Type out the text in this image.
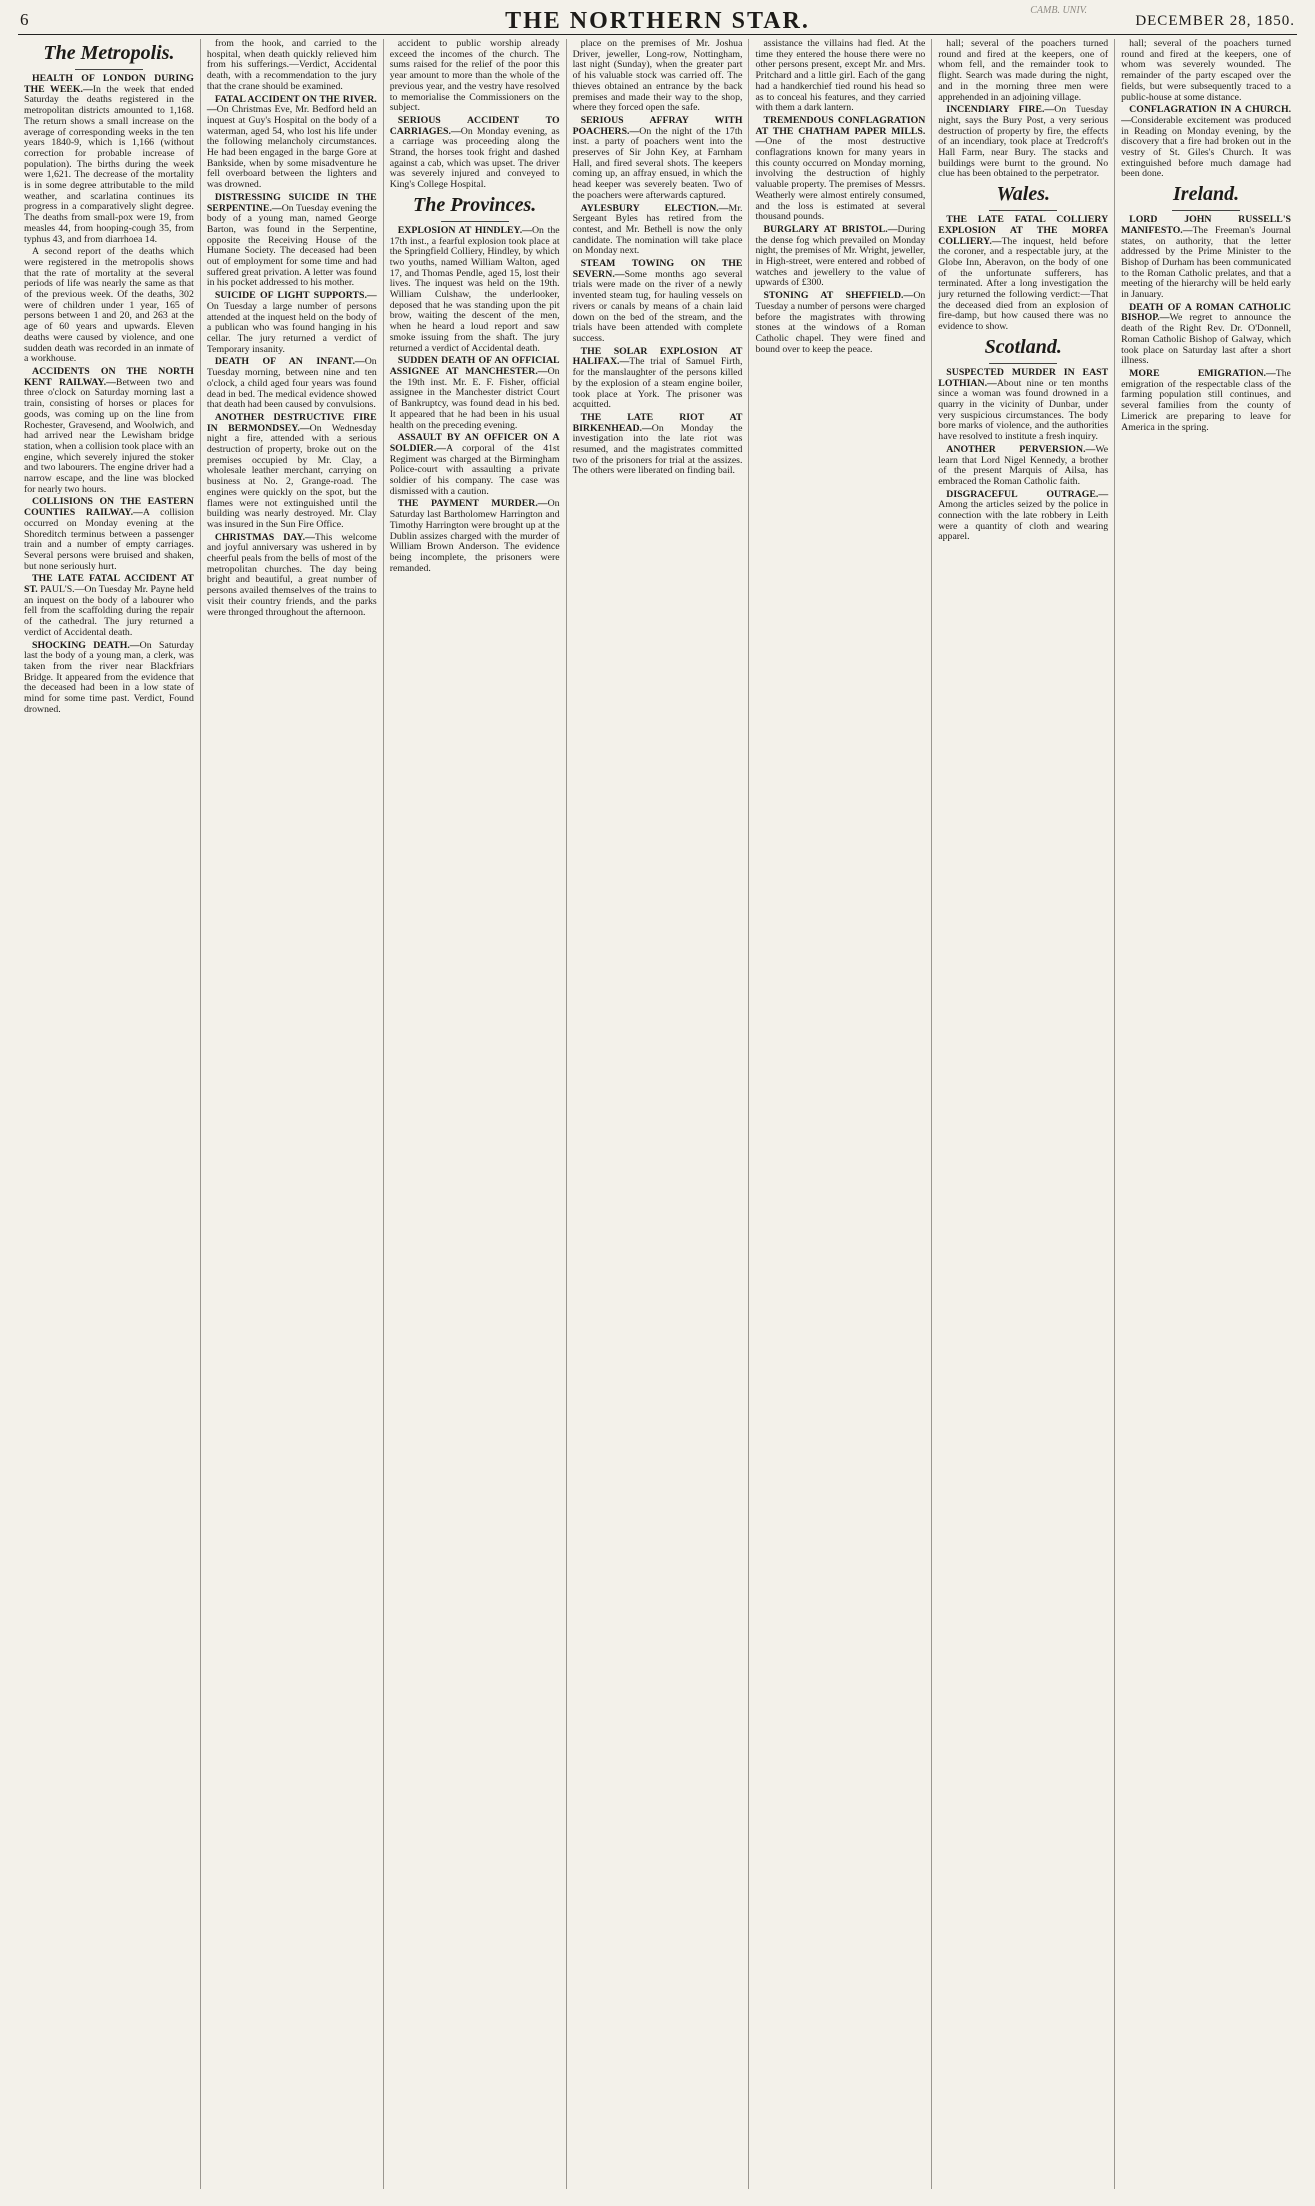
6	THE NORTHERN STAR.	CAMB. UNIV.
DECEMBER 28, 1850.
The Metropolis.

HEALTH OF LONDON DURING THE WEEK.—In the week that ended Saturday the deaths registered in the metropolitan districts amounted to 1,168. The return shows a small increase on the average of corresponding weeks in the ten years 1840-9, which is 1,166 (without correction for probable increase of population). The births during the week were 1,621. The decrease of the mortality is in some degree attributable to the mild weather, and scarlatina continues its progress in a comparatively slight degree. The deaths from small-pox were 19, from measles 44, from hooping-cough 35, from typhus 43, and from diarrhoea 14.

A second report of the deaths which were registered in the metropolis shows that the rate of mortality at the several periods of life was nearly the same as that of the previous week. Of the deaths, 302 were of children under 1 year, 165 of persons between 1 and 20, and 263 at the age of 60 years and upwards. Eleven deaths were caused by violence, and one sudden death was recorded in an inmate of a workhouse.

ACCIDENTS ON THE NORTH KENT RAILWAY.—Between two and three o'clock on Saturday morning last a train, consisting of horses or places for goods, was coming up on the line from Rochester, Gravesend, and Woolwich, and had arrived near the Lewisham bridge station, when a collision took place with an engine, which severely injured the stoker and two labourers. The engine driver had a narrow escape, and the line was blocked for nearly two hours.

COLLISIONS ON THE EASTERN COUNTIES RAILWAY.—A collision occurred on Monday evening at the Shoreditch terminus between a passenger train and a number of empty carriages. Several persons were bruised and shaken, but none seriously hurt.

THE LATE FATAL ACCIDENT AT ST. PAUL'S.—On Tuesday Mr. Payne held an inquest on the body of a labourer who fell from the scaffolding during the repair of the cathedral. The jury returned a verdict of Accidental death.

SHOCKING DEATH.—On Saturday last the body of a young man, a clerk, was taken from the river near Blackfriars Bridge. It appeared from the evidence that the deceased had been in a low state of mind for some time past. Verdict, Found drowned.

from the hook, and carried to the hospital, when death quickly relieved him from his sufferings.—Verdict, Accidental death, with a recommendation to the jury that the crane should be examined.

FATAL ACCIDENT ON THE RIVER.—On Christmas Eve, Mr. Bedford held an inquest at Guy's Hospital on the body of a waterman, aged 54, who lost his life under the following melancholy circumstances. He had been engaged in the barge Gore at Bankside, when by some misadventure he fell overboard between the lighters and was drowned.

DISTRESSING SUICIDE IN THE SERPENTINE.—On Tuesday evening the body of a young man, named George Barton, was found in the Serpentine, opposite the Receiving House of the Humane Society. The deceased had been out of employment for some time and had suffered great privation. A letter was found in his pocket addressed to his mother.

SUICIDE OF LIGHT SUPPORTS.—On Tuesday a large number of persons attended at the inquest held on the body of a publican who was found hanging in his cellar. The jury returned a verdict of Temporary insanity.

DEATH OF AN INFANT.—On Tuesday morning, between nine and ten o'clock, a child aged four years was found dead in bed. The medical evidence showed that death had been caused by convulsions.

ANOTHER DESTRUCTIVE FIRE IN BERMONDSEY.—On Wednesday night a fire, attended with a serious destruction of property, broke out on the premises occupied by Mr. Clay, a wholesale leather merchant, carrying on business at No. 2, Grange-road. The engines were quickly on the spot, but the flames were not extinguished until the building was nearly destroyed. Mr. Clay was insured in the Sun Fire Office.

CHRISTMAS DAY.—This welcome and joyful anniversary was ushered in by cheerful peals from the bells of most of the metropolitan churches. The day being bright and beautiful, a great number of persons availed themselves of the trains to visit their country friends, and the parks were thronged throughout the afternoon.

accident to public worship already exceed the incomes of the church. The sums raised for the relief of the poor this year amount to more than the whole of the previous year, and the vestry have resolved to memorialise the Commissioners on the subject.

SERIOUS ACCIDENT TO CARRIAGES.—On Monday evening, as a carriage was proceeding along the Strand, the horses took fright and dashed against a cab, which was upset. The driver was severely injured and conveyed to King's College Hospital.

The Provinces.

EXPLOSION AT HINDLEY.—On the 17th inst., a fearful explosion took place at the Springfield Colliery, Hindley, by which two youths, named William Walton, aged 17, and Thomas Pendle, aged 15, lost their lives. The inquest was held on the 19th. William Culshaw, the underlooker, deposed that he was standing upon the pit brow, waiting the descent of the men, when he heard a loud report and saw smoke issuing from the shaft. The jury returned a verdict of Accidental death.

SUDDEN DEATH OF AN OFFICIAL ASSIGNEE AT MANCHESTER.—On the 19th inst. Mr. E. F. Fisher, official assignee in the Manchester district Court of Bankruptcy, was found dead in his bed. It appeared that he had been in his usual health on the preceding evening.

ASSAULT BY AN OFFICER ON A SOLDIER.—A corporal of the 41st Regiment was charged at the Birmingham Police-court with assaulting a private soldier of his company. The case was dismissed with a caution.

THE PAYMENT MURDER.—On Saturday last Bartholomew Harrington and Timothy Harrington were brought up at the Dublin assizes charged with the murder of William Brown Anderson. The evidence being incomplete, the prisoners were remanded.

place on the premises of Mr. Joshua Driver, jeweller, Long-row, Nottingham, last night (Sunday), when the greater part of his valuable stock was carried off. The thieves obtained an entrance by the back premises and made their way to the shop, where they forced open the safe.

SERIOUS AFFRAY WITH POACHERS.—On the night of the 17th inst. a party of poachers went into the preserves of Sir John Key, at Farnham Hall, and fired several shots. The keepers coming up, an affray ensued, in which the head keeper was severely beaten. Two of the poachers were afterwards captured.

AYLESBURY ELECTION.—Mr. Sergeant Byles has retired from the contest, and Mr. Bethell is now the only candidate. The nomination will take place on Monday next.

STEAM TOWING ON THE SEVERN.—Some months ago several trials were made on the river of a newly invented steam tug, for hauling vessels on rivers or canals by means of a chain laid down on the bed of the stream, and the trials have been attended with complete success.

THE SOLAR EXPLOSION AT HALIFAX.—The trial of Samuel Firth, for the manslaughter of the persons killed by the explosion of a steam engine boiler, took place at York. The prisoner was acquitted.

THE LATE RIOT AT BIRKENHEAD.—On Monday the investigation into the late riot was resumed, and the magistrates committed two of the prisoners for trial at the assizes. The others were liberated on finding bail.

assistance the villains had fled. At the time they entered the house there were no other persons present, except Mr. and Mrs. Pritchard and a little girl. Each of the gang had a handkerchief tied round his head so as to conceal his features, and they carried with them a dark lantern.

TREMENDOUS CONFLAGRATION AT THE CHATHAM PAPER MILLS.—One of the most destructive conflagrations known for many years in this county occurred on Monday morning, involving the destruction of highly valuable property. The premises of Messrs. Weatherly were almost entirely consumed, and the loss is estimated at several thousand pounds.

BURGLARY AT BRISTOL.—During the dense fog which prevailed on Monday night, the premises of Mr. Wright, jeweller, in High-street, were entered and robbed of watches and jewellery to the value of upwards of £300.

STONING AT SHEFFIELD.—On Tuesday a number of persons were charged before the magistrates with throwing stones at the windows of a Roman Catholic chapel. They were fined and bound over to keep the peace.

hall; several of the poachers turned round and fired at the keepers, one of whom fell, and the remainder took to flight. Search was made during the night, and in the morning three men were apprehended in an adjoining village.

INCENDIARY FIRE.—On Tuesday night, says the Bury Post, a very serious destruction of property by fire, the effects of an incendiary, took place at Tredcroft's Hall Farm, near Bury. The stacks and buildings were burnt to the ground. No clue has been obtained to the perpetrator.

Wales.

THE LATE FATAL COLLIERY EXPLOSION AT THE MORFA COLLIERY.—The inquest, held before the coroner, and a respectable jury, at the Globe Inn, Aberavon, on the body of one of the unfortunate sufferers, has terminated. After a long investigation the jury returned the following verdict:—That the deceased died from an explosion of fire-damp, but how caused there was no evidence to show.

Scotland.

SUSPECTED MURDER IN EAST LOTHIAN.—About nine or ten months since a woman was found drowned in a quarry in the vicinity of Dunbar, under very suspicious circumstances. The body bore marks of violence, and the authorities have resolved to institute a fresh inquiry.

ANOTHER PERVERSION.—We learn that Lord Nigel Kennedy, a brother of the present Marquis of Ailsa, has embraced the Roman Catholic faith.

DISGRACEFUL OUTRAGE.—Among the articles seized by the police in connection with the late robbery in Leith were a quantity of cloth and wearing apparel.

hall; several of the poachers turned round and fired at the keepers, one of whom was severely wounded. The remainder of the party escaped over the fields, but were subsequently traced to a public-house at some distance.

CONFLAGRATION IN A CHURCH.—Considerable excitement was produced in Reading on Monday evening, by the discovery that a fire had broken out in the vestry of St. Giles's Church. It was extinguished before much damage had been done.

Ireland.

LORD JOHN RUSSELL'S MANIFESTO.—The Freeman's Journal states, on authority, that the letter addressed by the Prime Minister to the Bishop of Durham has been communicated to the Roman Catholic prelates, and that a meeting of the hierarchy will be held early in January.

DEATH OF A ROMAN CATHOLIC BISHOP.—We regret to announce the death of the Right Rev. Dr. O'Donnell, Roman Catholic Bishop of Galway, which took place on Saturday last after a short illness.

MORE EMIGRATION.—The emigration of the respectable class of the farming population still continues, and several families from the county of Limerick are preparing to leave for America in the spring.
